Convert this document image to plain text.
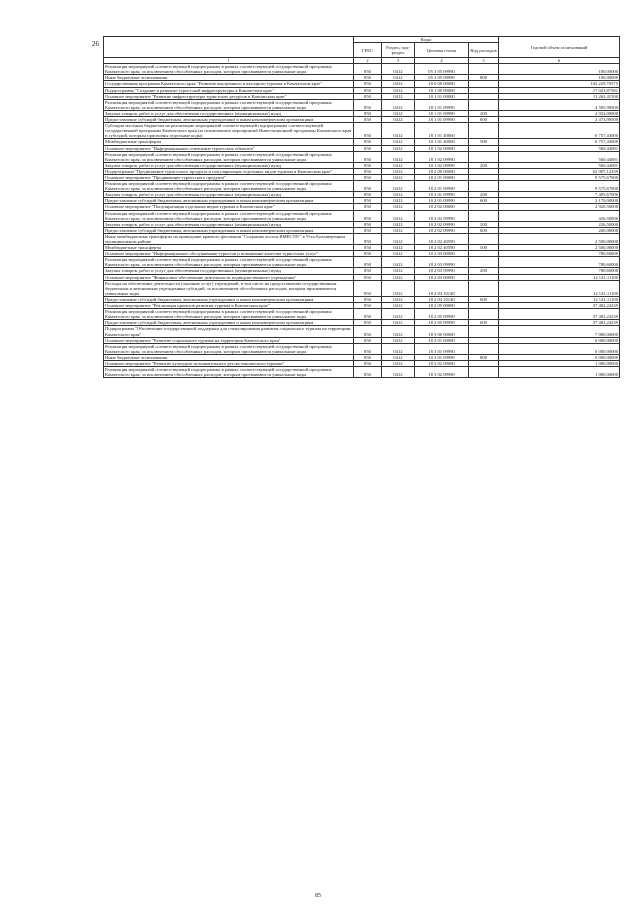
26
	Коды				Годовой объем ассигнований
	ГРБС	Раздел, под-раздел	Целевая статья	Вид расходов	
1	2	3	4	5	6
Реализация мероприятий соответствующей подпрограммы в рамках соответствующей государственной программы Камчатского края, за исключением обособленных расходов, которым присваиваются уникальные коды	850	0412	05 3 05 09990		100,00000
Иные бюджетные ассигнования	850	0412	05 3 05 09990	800	100,00000
Государственная программа Камчатского края "Развитие внутреннего и въездного туризма в Камчатском крае"	850	0412	18 0 00 00000		102 229,70575
Подпрограмма "Создание и развитие туристской инфраструктуры в Камчатском крае"	850	0412	18 1 00 00000		17 023,87581
Основное мероприятие "Развитие инфраструктуры туристских ресурсов в Камчатском крае"	850	0412	18 1 01 00000		11 262,41500
Реализация мероприятий соответствующей подпрограммы в рамках соответствующей государственной программы Камчатского края, за исключением обособленных расходов, которым присваиваются уникальные коды	850	0412	18 1 01 09990		4 505,98500
Закупка товаров, работ и услуг для обеспечения государственных (муниципальных) нужд	850	0412	18 1 01 09990	200	2 032,00000
Предоставление субсидий бюджетным, автономным учреждениям и иным некоммерческим организациям	850	0412	18 1 01 09990	600	2 473,98500
Субсидии местным бюджетам на реализацию мероприятий соответствующей подпрограммы соответствующей государственной программы Камчатского края (за исключением мероприятий Инвестиционной программы Камчатского края и субсидий, которым присвоены отдельные коды)	850	0412	18 1 01 40060		6 757,43000
Межбюджетные трансферты	850	0412	18 1 01 40060	500	6 757,43000
Основное мероприятие "Информационное освещение туристских объектов"	850	0412	18 1 02 00000		560,44081
Реализация мероприятий соответствующей подпрограммы в рамках соответствующей государственной программы Камчатского края, за исключением обособленных расходов, которым присваиваются уникальные коды	850	0412	18 1 02 09990		560,44081
Закупка товаров, работ и услуг для обеспечения государственных (муниципальных) нужд	850	0412	18 1 02 09990	200	560,44081
Подпрограмма "Продвижение туристского продукта и популяризация отдельных видов туризма в Камчатском крае"	850	0412	18 2 00 00000		62 907,12339
Основное мероприятие "Продвижение туристского продукта"	850	0412	18 2 01 00000		9 575,67000
Реализация мероприятий соответствующей подпрограммы в рамках соответствующей государственной программы Камчатского края, за исключением обособленных расходов, которым присваиваются уникальные коды	850	0412	18 2 01 09990		9 575,67000
Закупка товаров, работ и услуг для обеспечения государственных (муниципальных) нужд	850	0412	18 2 01 09990	200	7 405,67000
Предоставление субсидий бюджетным, автономным учреждениям и иным некоммерческим организациям	850	0412	18 2 01 09990	600	2 170,00000
Основное мероприятие "Популяризация отдельных видов туризма в Камчатском крае"	850	0412	18 2 02 00000		2 926,50000
Реализация мероприятий соответствующей подпрограммы в рамках соответствующей государственной программы Камчатского края, за исключением обособленных расходов, которым присваиваются уникальные коды	850	0412	18 2 02 09990		426,50000
Закупка товаров, работ и услуг для обеспечения государственных (муниципальных) нужд	850	0412	18 2 02 09990	200	226,50000
Предоставление субсидий бюджетным, автономным учреждениям и иным некоммерческим организациям	850	0412	18 2 02 09990	600	200,00000
Иные межбюджетные трансферты на проведение краевого фестиваля "Сохраним лосося ВМЕСТЕ!" в Усть-Большерецком муниципальном районе	850	0412	18 2 02 40590		2 500,00000
Межбюджетные трансферты	850	0412	18 2 02 40590	500	2 500,00000
Основное мероприятие "Информационное обслуживание туристов и повышение качества туристских услуг"	850	0412	18 2 03 00000		780,60000
Реализация мероприятий соответствующей подпрограммы в рамках соответствующей государственной программы Камчатского края, за исключением обособленных расходов, которым присваиваются уникальные коды	850	0412	18 2 03 09990		780,60000
Закупка товаров, работ и услуг для обеспечения государственных (муниципальных) нужд	850	0412	18 2 03 09990	200	780,60000
Основное мероприятие "Финансовое обеспечение деятельности подведомственного учреждения"	850	0412	18 2 04 00000		12 141,11100
Расходы на обеспечение деятельности (оказание услуг) учреждений, в том числе на предоставление государственным бюджетным и автономным учреждениям субсидий, за исключением обособленных расходов, которым присваиваются уникальные коды	850	0412	18 2 04 10140		12 141,11100
Предоставление субсидий бюджетным, автономным учреждениям и иным некоммерческим организациям	850	0412	18 2 04 10140	600	12 141,11100
Основное мероприятие "Реализация проектов развития туризма в Камчатском крае"	850	0412	18 2 05 00000		37 482,24239
Реализация мероприятий соответствующей подпрограммы в рамках соответствующей государственной программы Камчатского края, за исключением обособленных расходов, которым присваиваются уникальные коды	850	0412	18 2 05 09990		37 482,24239
Предоставление субсидий бюджетным, автономным учреждениям и иным некоммерческим организациям	850	0412	18 2 05 09990	600	37 482,24239
Подпрограмма "Обеспечение государственной поддержки для стимулирования развития социального туризма на территории Камчатского края"	850	0412	18 3 00 00000		7 000,00000
Основное мероприятие "Развитие социального туризма на территории Камчатского края"	850	0412	18 3 01 00000		6 000,00000
Реализация мероприятий соответствующей подпрограммы в рамках соответствующей государственной программы Камчатского края, за исключением обособленных расходов, которым присваиваются уникальные коды	850	0412	18 3 01 09990		6 000,00000
Иные бюджетные ассигнования	850	0412	18 3 01 09990	800	6 000,00000
Основное мероприятие "Развитие культурно-познавательного детско-юношеского туризма"	850	0412	18 3 02 00000		1 000,00000
Реализация мероприятий соответствующей подпрограммы в рамках соответствующей государственной программы Камчатского края, за исключением обособленных расходов, которым присваиваются уникальные коды	850	0412	18 3 02 09990		1 000,00000
85
